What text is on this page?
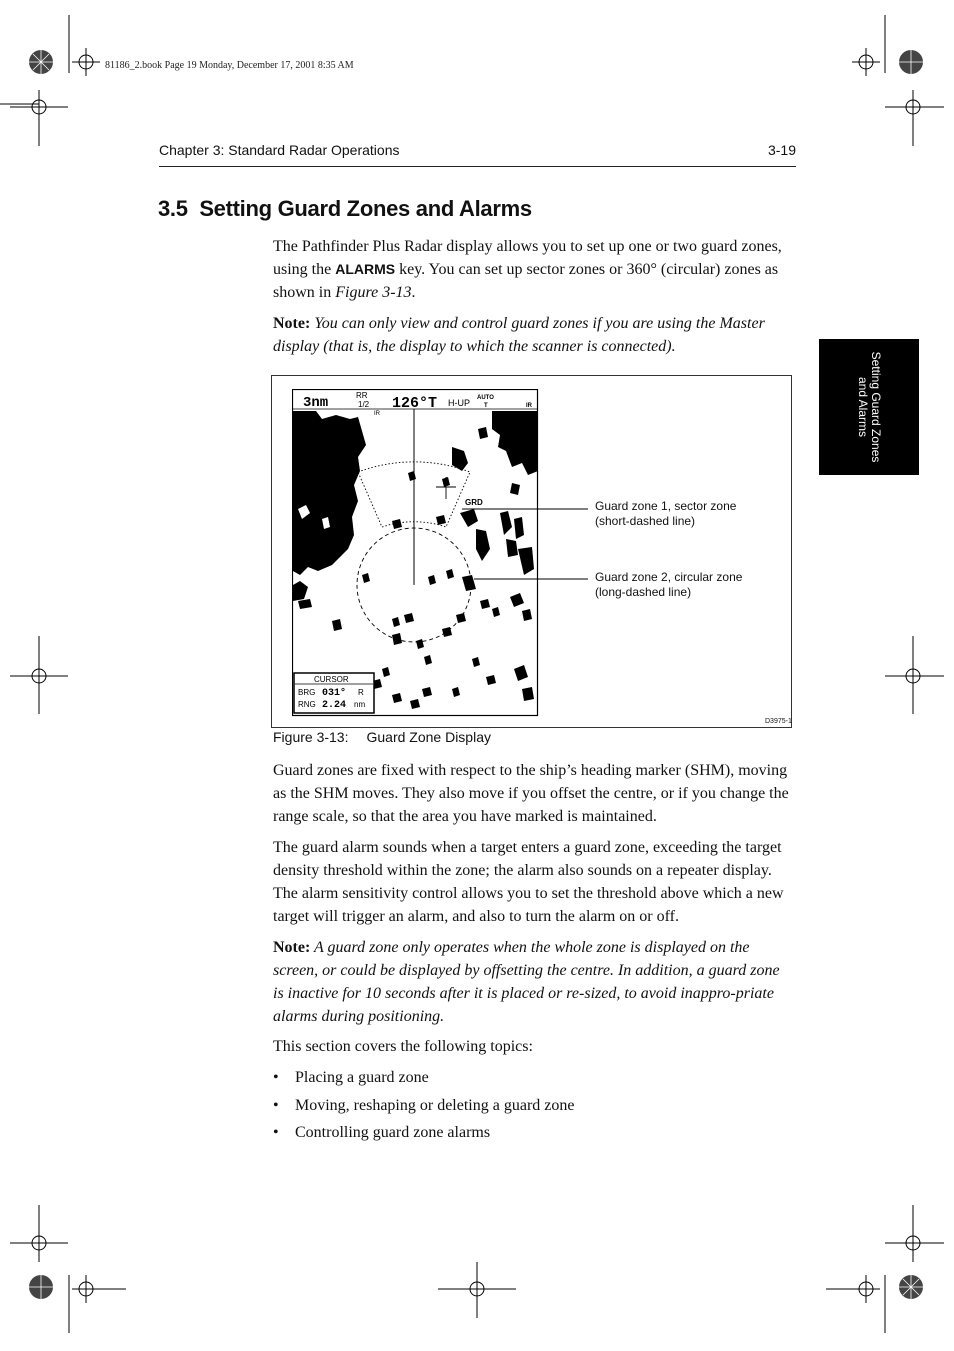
81186_2.book Page 19 Monday, December 17, 2001 8:35 AM
Chapter 3: Standard Radar Operations	3-19
3.5 Setting Guard Zones and Alarms
Setting Guard Zones
and Alarms

The Pathfinder Plus Radar display allows you to set up one or two guard zones, using the ALARMS key. You can set up sector zones or 360° (circular) zones as shown in Figure 3-13.

Note: You can only view and control guard zones if you are using the Master display (that is, the display to which the scanner is connected).

3nm	RR
1/2 126°T H-UP AUTO
T	IR
IR
GRD
CURSOR
BRG 031° R
RNG 2.24 nm
Guard zone 1, sector zone
(short-dashed line)
Guard zone 2, circular zone
(long-dashed line)
D3975-1
Figure 3-13: Guard Zone Display

Guard zones are fixed with respect to the ship’s heading marker (SHM), moving as the SHM moves. They also move if you offset the centre, or if you change the range scale, so that the area you have marked is maintained.

The guard alarm sounds when a target enters a guard zone, exceeding the target density threshold within the zone; the alarm also sounds on a repeater display. The alarm sensitivity control allows you to set the threshold above which a new target will trigger an alarm, and also to turn the alarm on or off.

Note: A guard zone only operates when the whole zone is displayed on the screen, or could be displayed by offsetting the centre. In addition, a guard zone is inactive for 10 seconds after it is placed or re-sized, to avoid inappro-priate alarms during positioning.

This section covers the following topics:

• Placing a guard zone
• Moving, reshaping or deleting a guard zone
• Controlling guard zone alarms
